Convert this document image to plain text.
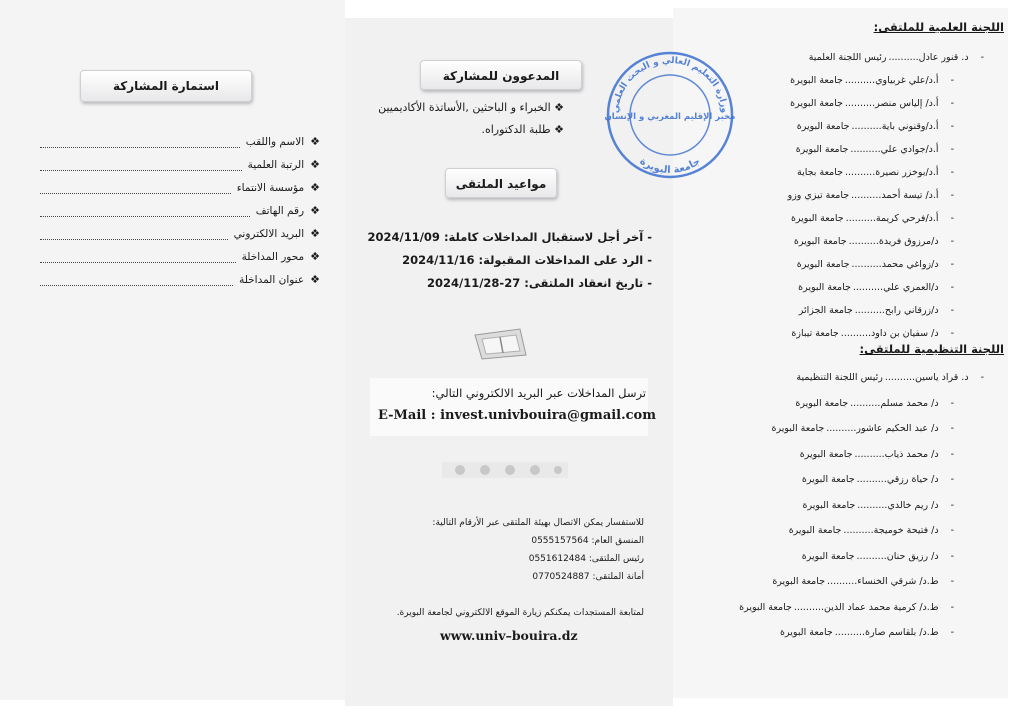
استمارة المشاركة
❖
الاسم واللقب
❖
الرتبة العلمية
❖
مؤسسة الانتماء
❖
رقم الهاتف
❖
البريد الالكتروني
❖
محور المداخلة
❖
عنوان المداخلة
المدعوون للمشاركة
❖ الخبراء و الباحثين ,الأساتذة الأكاديميين
❖ طلبة الدكتوراه.
مواعيد الملتقى
- آخر أجل لاستقبال المداخلات كاملة: 2024/11/09
- الرد على المداخلات المقبولة: 2024/11/16
- تاريخ انعقاد الملتقى: 27-2024/11/28
ترسل المداخلات عبر البريد الالكتروني التالي:
E-Mail : invest.univbouira@gmail.com
للاستفسار يمكن الاتصال بهيئة الملتقى عبر الأرقام التالية:
المنسق العام: 0555157564
رئيس الملتقى: 0551612484
أمانة الملتقى: 0770524887
لمتابعة المستجدات يمكنكم زيارة الموقع الالكتروني لجامعة البويرة.
www.univ–bouira.dz
وزارة التعليم العالي و البحث العلمي
مخبر الإقليم المغربي و الإنسان
جامعة البويرة
اللجنة العلمية للملتقى:
-
د. قنور عادل
..........
رئيس اللجنة العلمية
-
أ.د/علي غربياوي
..........
جامعة البويرة
-
أ.د/ إلياس منصر
..........
جامعة البويرة
-
أ.د/وقنوني باية
..........
جامعة البويرة
-
أ.د/جوادي علي
..........
جامعة البويرة
-
أ.د/بوخزر نصيرة
..........
جامعة بجاية
-
أ.د/ تيسة أحمد
..........
جامعة تيزي وزو
-
أ.د/فرحي كريمة
..........
جامعة البويرة
-
د/مرزوق فريدة
..........
جامعة البويرة
-
د/زواغي محمد
..........
جامعة البويرة
-
د/العمري علي
..........
جامعة البويرة
-
د/زرقاني رابح
..........
جامعة الجزائر
-
د/ سفيان بن داود
..........
جامعة تيبازة
اللجنة التنظيمية للملتقى:
-
د. قراد ياسين
..........
رئيس اللجنة التنظيمية
-
د/ محمد مسلم
..........
جامعة البويرة
-
د/ عبد الحكيم عاشور
..........
جامعة البويرة
-
د/ محمد ذياب
..........
جامعة البويرة
-
د/ حياة رزقي
..........
جامعة البويرة
-
د/ ريم خالدي
..........
جامعة البويرة
-
د/ فتيحة خوميجة
..........
جامعة البويرة
-
د/ رزيق حنان
..........
جامعة البويرة
-
ط.د/ شرقي الخنساء
..........
جامعة البويرة
-
ط.د/ كرمية محمد عماد الدين
..........
جامعة البويرة
-
ط.د/ بلقاسم صارة
..........
جامعة البويرة
